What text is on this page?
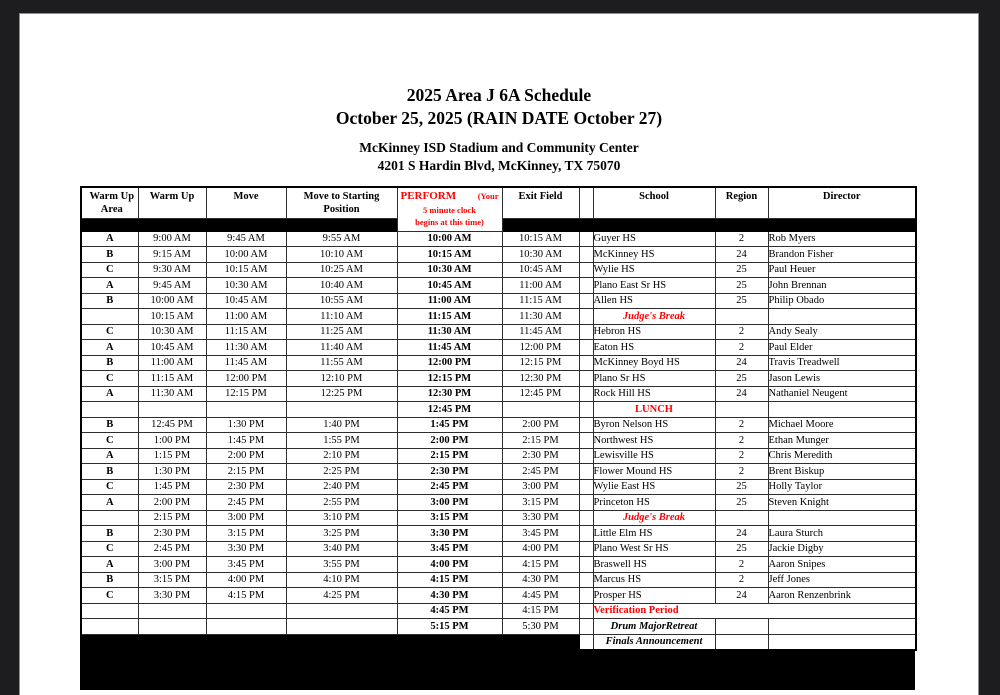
2025 Area J 6A Schedule
October 25, 2025 (RAIN DATE October 27)
McKinney ISD Stadium and Community Center
4201 S Hardin Blvd, McKinney, TX 75070
Warm Up Area	Warm Up	Move	Move to Starting Position	PERFORM (Your
5 minute clock
begins at this time)	Exit Field		School	Region	Director

A	9:00 AM	9:45 AM	9:55 AM	10:00 AM	10:15 AM		Guyer HS	2	Rob Myers
B	9:15 AM	10:00 AM	10:10 AM	10:15 AM	10:30 AM		McKinney HS	24	Brandon Fisher
C	9:30 AM	10:15 AM	10:25 AM	10:30 AM	10:45 AM		Wylie HS	25	Paul Heuer
A	9:45 AM	10:30 AM	10:40 AM	10:45 AM	11:00 AM		Plano East Sr HS	25	John Brennan
B	10:00 AM	10:45 AM	10:55 AM	11:00 AM	11:15 AM		Allen HS	25	Philip Obado
	10:15 AM	11:00 AM	11:10 AM	11:15 AM	11:30 AM		Judge's Break		
C	10:30 AM	11:15 AM	11:25 AM	11:30 AM	11:45 AM		Hebron HS	2	Andy Sealy
A	10:45 AM	11:30 AM	11:40 AM	11:45 AM	12:00 PM		Eaton HS	2	Paul Elder
B	11:00 AM	11:45 AM	11:55 AM	12:00 PM	12:15 PM		McKinney Boyd HS	24	Travis Treadwell
C	11:15 AM	12:00 PM	12:10 PM	12:15 PM	12:30 PM		Plano Sr HS	25	Jason Lewis
A	11:30 AM	12:15 PM	12:25 PM	12:30 PM	12:45 PM		Rock Hill HS	24	Nathaniel Neugent
				12:45 PM			LUNCH		
B	12:45 PM	1:30 PM	1:40 PM	1:45 PM	2:00 PM		Byron Nelson HS	2	Michael Moore
C	1:00 PM	1:45 PM	1:55 PM	2:00 PM	2:15 PM		Northwest HS	2	Ethan Munger
A	1:15 PM	2:00 PM	2:10 PM	2:15 PM	2:30 PM		Lewisville HS	2	Chris Meredith
B	1:30 PM	2:15 PM	2:25 PM	2:30 PM	2:45 PM		Flower Mound HS	2	Brent Biskup
C	1:45 PM	2:30 PM	2:40 PM	2:45 PM	3:00 PM		Wylie East HS	25	Holly Taylor
A	2:00 PM	2:45 PM	2:55 PM	3:00 PM	3:15 PM		Princeton HS	25	Steven Knight
	2:15 PM	3:00 PM	3:10 PM	3:15 PM	3:30 PM		Judge's Break		
B	2:30 PM	3:15 PM	3:25 PM	3:30 PM	3:45 PM		Little Elm HS	24	Laura Sturch
C	2:45 PM	3:30 PM	3:40 PM	3:45 PM	4:00 PM		Plano West Sr HS	25	Jackie Digby
A	3:00 PM	3:45 PM	3:55 PM	4:00 PM	4:15 PM		Braswell HS	2	Aaron Snipes
B	3:15 PM	4:00 PM	4:10 PM	4:15 PM	4:30 PM		Marcus HS	2	Jeff Jones
C	3:30 PM	4:15 PM	4:25 PM	4:30 PM	4:45 PM		Prosper HS	24	Aaron Renzenbrink
				4:45 PM	4:15 PM		Verification Period		
				5:15 PM	5:30 PM		Drum MajorRetreat		
							Finals Announcement		
